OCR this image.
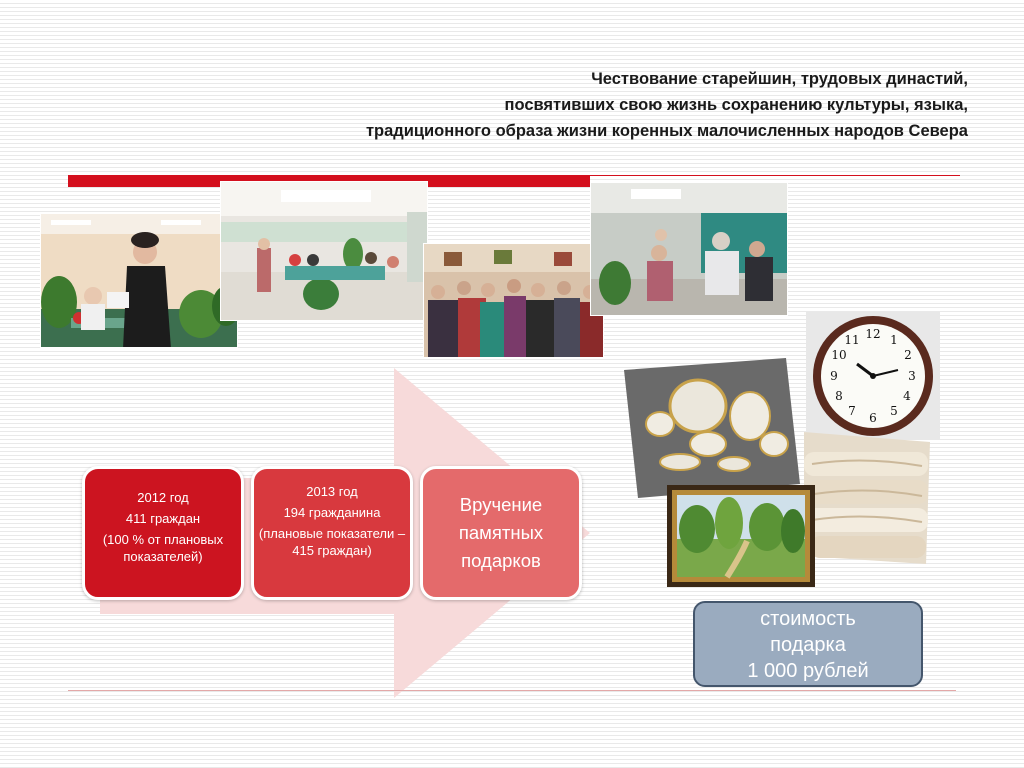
Чествование старейшин, трудовых династий,
посвятивших свою жизнь сохранению культуры, языка,
традиционного образа жизни коренных малочисленных народов Севера

2012 год

411 граждан

(100 % от плановых показателей)

2013 год

194 гражданина

(плановые показатели – 415 граждан)

Вручение

памятных

подарков

12 1
2
3
4
5
6
7
8
9
10
11
стоимость
подарка
1 000 рублей
